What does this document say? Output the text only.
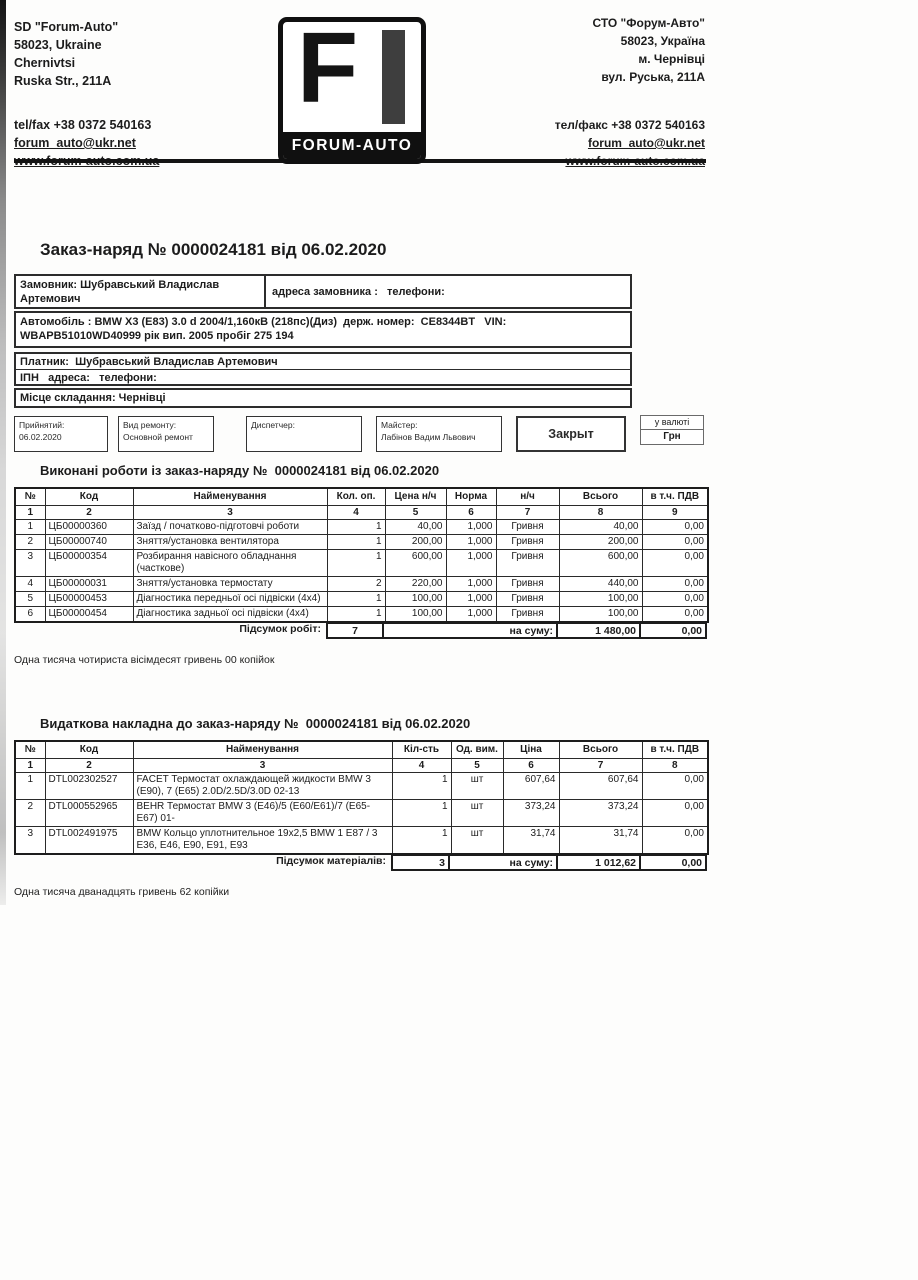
SD "Forum-Auto"
58023, Ukraine
Chernivtsi
Ruska Str., 211A
tel/fax +38 0372 540163
forum_auto@ukr.net
F
FORUM-AUTO
СТО "Форум-Авто"
58023, Україна
м. Чернівці
вул. Руська, 211А
тел/факс +38 0372 540163
forum_auto@ukr.net
Заказ-наряд № 0000024181 від 06.02.2020
Замовник: Шубравський Владислав Артемович
адреса замовника :   телефони:
Автомобіль : BMW X3 (E83) 3.0 d 2004/1,160кВ (218пс)(Диз)  держ. номер:  CE8344BT   VIN: WBAPB51010WD40999 рік вип. 2005 пробіг 275 194
Платник:  Шубравський Владислав Артемович
ІПН   адреса:   телефони:
Місце складання: Чернівці
Прийнятий:
06.02.2020
Вид ремонту:
Основной ремонт
Диспетчер:	Майстер:
Лабінов Вадим Львович	Закрыт
у валюті
Грн
Виконані роботи із заказ-наряду №  0000024181 від 06.02.2020
№	Код	Найменування	Кол. оп.	Цена н/ч	Норма	н/ч	Всього	в т.ч. ПДВ
1	2	3	4	5	6	7	8	9
1	ЦБ00000360	Заїзд / початково-підготовчі роботи	1	40,00	1,000	Гривня	40,00	0,00
2	ЦБ00000740	Зняття/установка вентилятора	1	200,00	1,000	Гривня	200,00	0,00
3	ЦБ00000354	Розбирання навісного обладнання (часткове)	1	600,00	1,000	Гривня	600,00	0,00
4	ЦБ00000031	Зняття/установка термостату	2	220,00	1,000	Гривня	440,00	0,00
5	ЦБ00000453	Діагностика передньої осі підвіски (4х4)	1	100,00	1,000	Гривня	100,00	0,00
6	ЦБ00000454	Діагностика задньої осі підвіски (4x4)	1	100,00	1,000	Гривня	100,00	0,00
Підсумок робіт:	7	на суму:	1 480,00	0,00
Одна тисяча чотириста вісімдесят гривень 00 копійок
Видаткова накладна до заказ-наряду №  0000024181 від 06.02.2020
№	Код	Найменування	Кіл-сть	Од. вим.	Ціна	Всього	в т.ч. ПДВ
1	2	3	4	5	6	7	8
1	DTL002302527	FACET Термостат охлаждающей жидкости BMW 3 (E90), 7 (E65) 2.0D/2.5D/3.0D 02-13	1	шт	607,64	607,64	0,00
2	DTL000552965	BEHR Термостат BMW 3 (E46)/5 (E60/E61)/7 (E65-E67) 01-	1	шт	373,24	373,24	0,00
3	DTL002491975	BMW Кольцо уплотнительное 19х2,5 BMW 1 E87 / 3 E36, E46, E90, E91, E93	1	шт	31,74	31,74	0,00
Підсумок матеріалів:	3	на суму:	1 012,62	0,00
Одна тисяча дванадцять гривень 62 копійки
